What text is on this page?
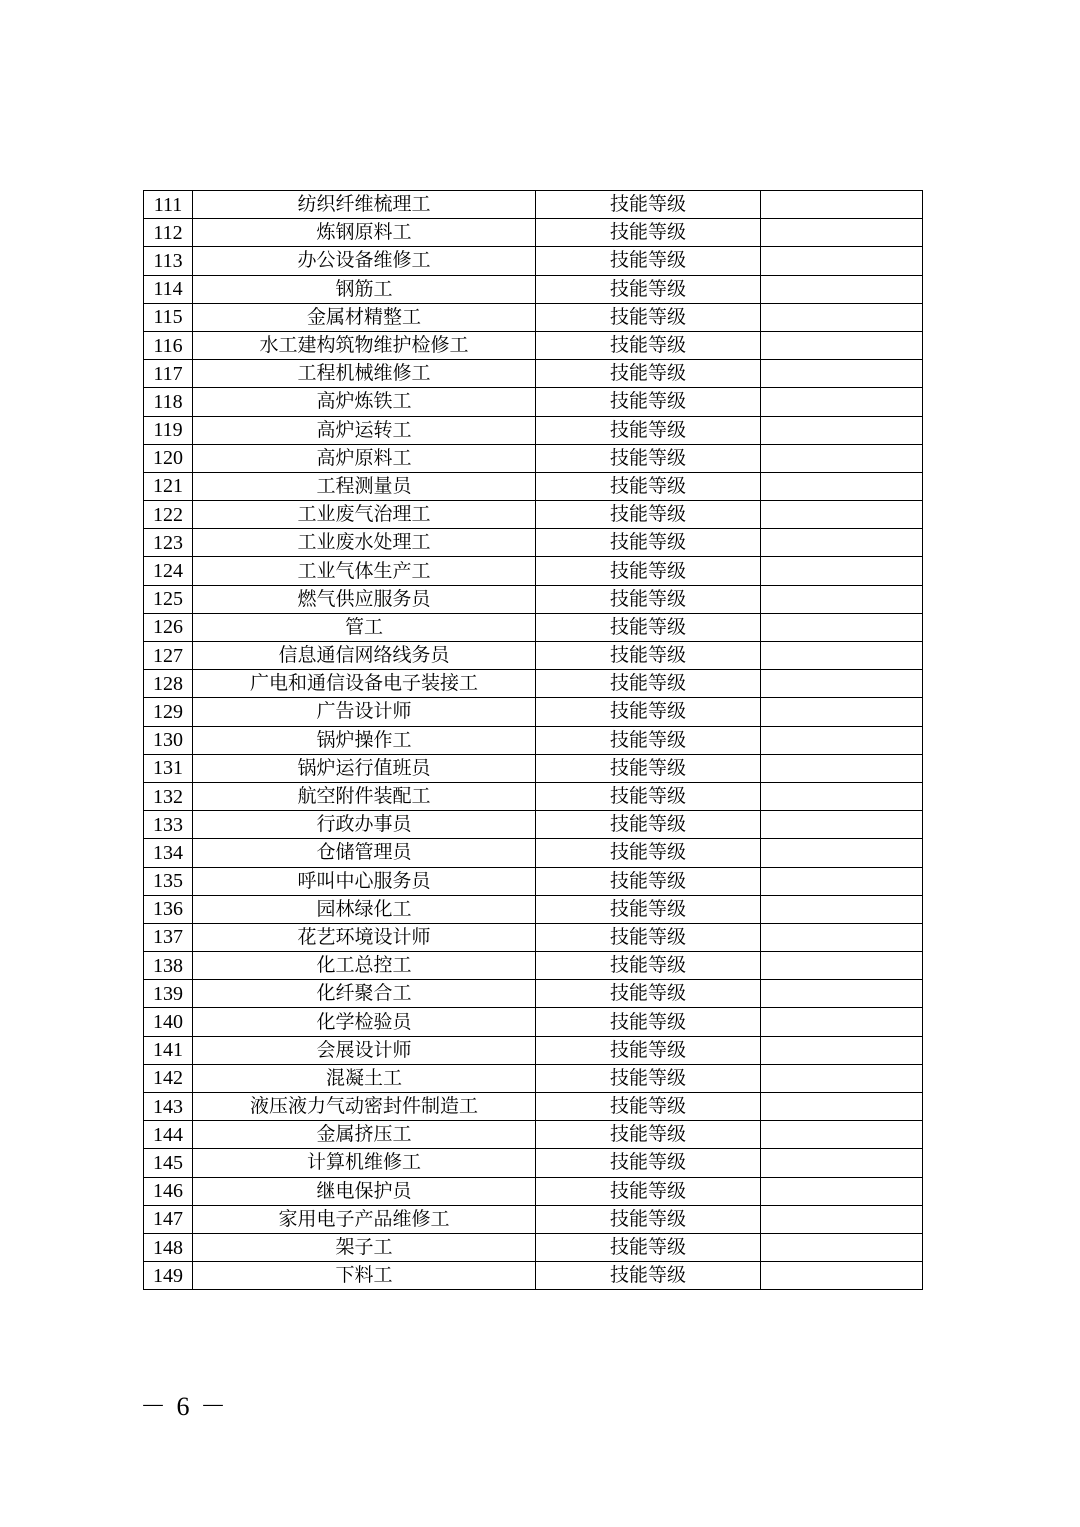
111	纺织纤维梳理工	技能等级	
112	炼钢原料工	技能等级	
113	办公设备维修工	技能等级	
114	钢筋工	技能等级	
115	金属材精整工	技能等级	
116	水工建构筑物维护检修工	技能等级	
117	工程机械维修工	技能等级	
118	高炉炼铁工	技能等级	
119	高炉运转工	技能等级	
120	高炉原料工	技能等级	
121	工程测量员	技能等级	
122	工业废气治理工	技能等级	
123	工业废水处理工	技能等级	
124	工业气体生产工	技能等级	
125	燃气供应服务员	技能等级	
126	管工	技能等级	
127	信息通信网络线务员	技能等级	
128	广电和通信设备电子装接工	技能等级	
129	广告设计师	技能等级	
130	锅炉操作工	技能等级	
131	锅炉运行值班员	技能等级	
132	航空附件装配工	技能等级	
133	行政办事员	技能等级	
134	仓储管理员	技能等级	
135	呼叫中心服务员	技能等级	
136	园林绿化工	技能等级	
137	花艺环境设计师	技能等级	
138	化工总控工	技能等级	
139	化纤聚合工	技能等级	
140	化学检验员	技能等级	
141	会展设计师	技能等级	
142	混凝土工	技能等级	
143	液压液力气动密封件制造工	技能等级	
144	金属挤压工	技能等级	
145	计算机维修工	技能等级	
146	继电保护员	技能等级	
147	家用电子产品维修工	技能等级	
148	架子工	技能等级	
149	下料工	技能等级	
－ 6 －
